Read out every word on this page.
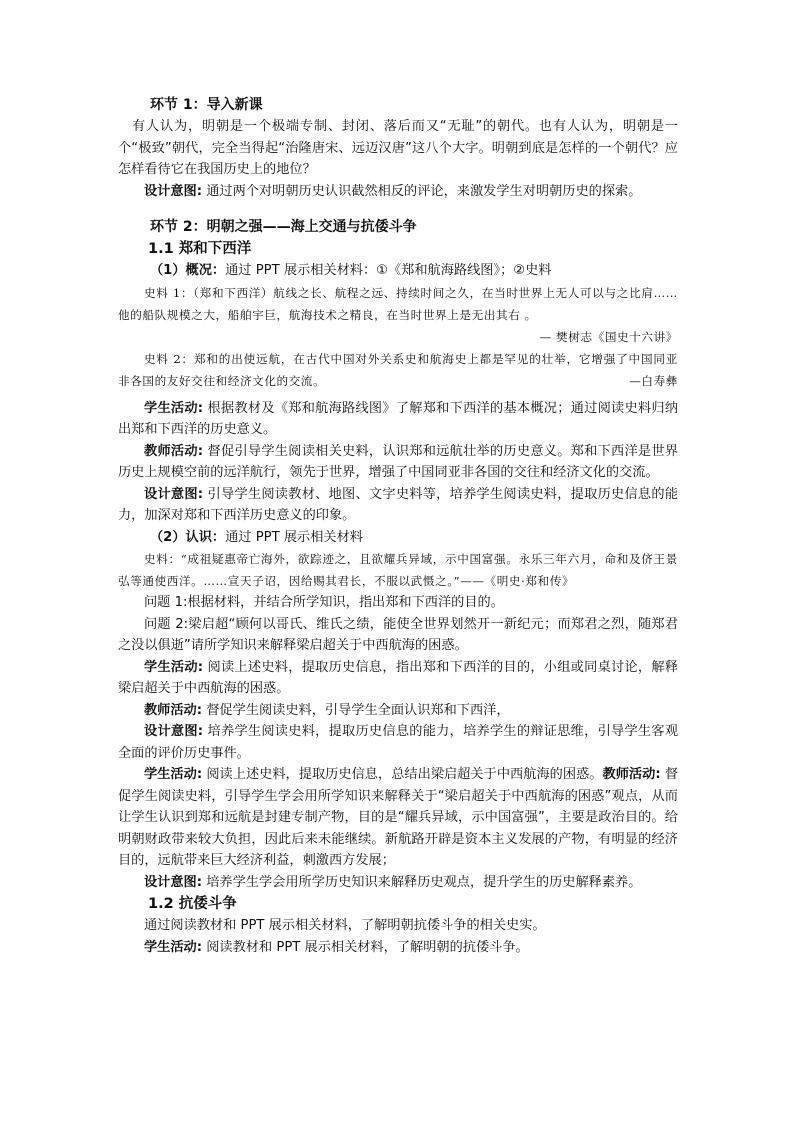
环节 1：导入新课

有人认为，明朝是一个极端专制、封闭、落后而又“无耻”的朝代。也有人认为，明朝是一个“极致”朝代，完全当得起“治隆唐宋、远迈汉唐”这八个大字。明朝到底是怎样的一个朝代？应怎样看待它在我国历史上的地位？

设计意图: 通过两个对明朝历史认识截然相反的评论，来激发学生对明朝历史的探索。

环节 2：明朝之强——海上交通与抗倭斗争

1.1 郑和下西洋

（1）概况：通过 PPT 展示相关材料：①《郑和航海路线图》；②史料

史料 1：（郑和下西洋）航线之长、航程之远、持续时间之久，在当时世界上无人可以与之比肩……他的船队规模之大，船舶宇巨，航海技术之精良，在当时世界上是无出其右 。

— 樊树志《国史十六讲》

史料 2：郑和的出使远航，在古代中国对外关系史和航海史上都是罕见的壮举，它增强了中国同亚非各国的友好交往和经济文化的交流。	—白寿彝

学生活动: 根据教材及《郑和航海路线图》了解郑和下西洋的基本概况；通过阅读史料归纳出郑和下西洋的历史意义。

教师活动: 督促引导学生阅读相关史料，认识郑和远航壮举的历史意义。郑和下西洋是世界历史上规模空前的远洋航行，领先于世界，增强了中国同亚非各国的交往和经济文化的交流。

设计意图: 引导学生阅读教材、地图、文字史料等，培养学生阅读史料，提取历史信息的能力，加深对郑和下西洋历史意义的印象。

（2）认识：通过 PPT 展示相关材料

史料：“成祖疑惠帝亡海外，欲踪迹之，且欲耀兵异域，示中国富强。永乐三年六月，命和及侪王景弘等通使西洋。……宣天子诏，因给赐其君长，不服以武慑之。”——《明史·郑和传》

问题 1:根据材料，并结合所学知识，指出郑和下西洋的目的。

问题 2:梁启超“顾何以哥氏、维氏之绩，能使全世界划然开一新纪元；而郑君之烈，随郑君之没以俱逝”请所学知识来解释梁启超关于中西航海的困惑。

学生活动: 阅读上述史料，提取历史信息，指出郑和下西洋的目的，小组或同桌讨论，解释梁启超关于中西航海的困惑。

教师活动: 督促学生阅读史料，引导学生全面认识郑和下西洋，

设计意图: 培养学生阅读史料，提取历史信息的能力，培养学生的辩证思维，引导学生客观全面的评价历史事件。

学生活动: 阅读上述史料，提取历史信息，总结出梁启超关于中西航海的困惑。教师活动: 督促学生阅读史料，引导学生学会用所学知识来解释关于“梁启超关于中西航海的困惑”观点，从而让学生认识到郑和远航是封建专制产物，目的是“耀兵异域，示中国富强”，主要是政治目的。给明朝财政带来较大负担，因此后来未能继续。新航路开辟是资本主义发展的产物，有明显的经济目的，远航带来巨大经济利益，刺激西方发展；

设计意图: 培养学生学会用所学历史知识来解释历史观点，提升学生的历史解释素养。

1.2 抗倭斗争

通过阅读教材和 PPT 展示相关材料，了解明朝抗倭斗争的相关史实。

学生活动: 阅读教材和 PPT 展示相关材料，了解明朝的抗倭斗争。
